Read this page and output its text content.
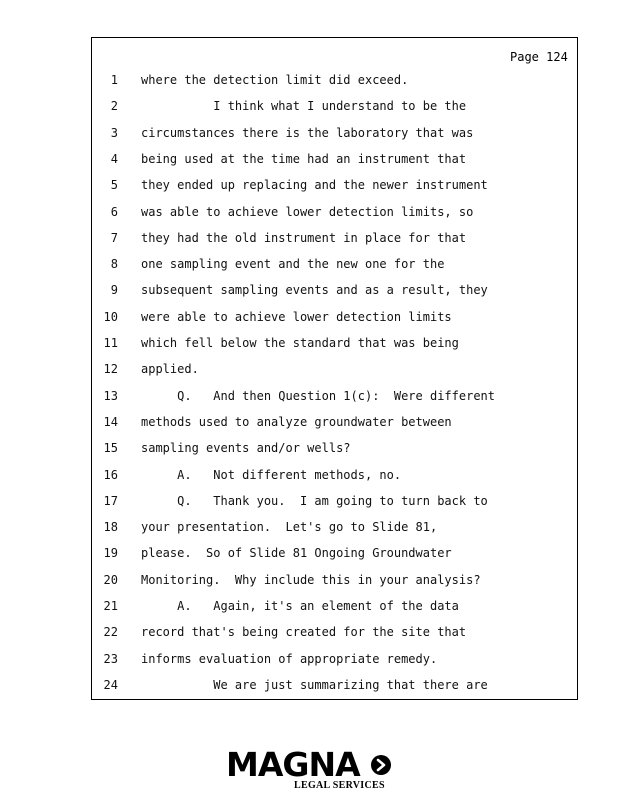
Page 124
1 where the detection limit did exceed.
2 I think what I understand to be the
3 circumstances there is the laboratory that was
4 being used at the time had an instrument that
5 they ended up replacing and the newer instrument
6 was able to achieve lower detection limits, so
7 they had the old instrument in place for that
8 one sampling event and the new one for the
9 subsequent sampling events and as a result, they
10 were able to achieve lower detection limits
11 which fell below the standard that was being
12 applied.
13 Q.   And then Question 1(c):  Were different
14 methods used to analyze groundwater between
15 sampling events and/or wells?
16 A.   Not different methods, no.
17 Q.   Thank you.  I am going to turn back to
18 your presentation.  Let's go to Slide 81,
19 please.  So of Slide 81 Ongoing Groundwater
20 Monitoring.  Why include this in your analysis?
21 A.   Again, it's an element of the data
22 record that's being created for the site that
23 informs evaluation of appropriate remedy.
24 We are just summarizing that there are
MAGNA
LEGAL SERVICES
